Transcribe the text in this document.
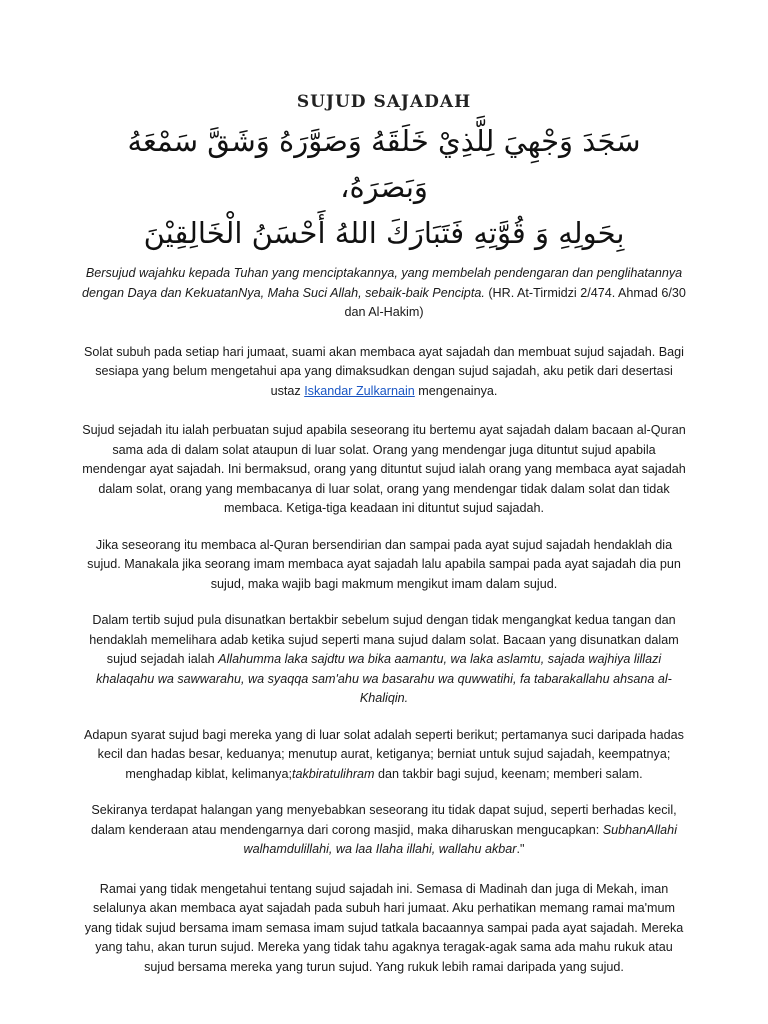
SUJUD SAJADAH
سَجَدَ وَجْهِيَ لِلَّذِيْ خَلَقَهُ وَصَوَّرَهُ وَشَقَّ سَمْعَهُ وَبَصَرَهُ،
بِحَولِهِ وَ قُوَّتِهِ فَتَبَارَكَ اللهُ أَحْسَنُ الْخَالِقِيْنَ

Bersujud wajahku kepada Tuhan yang menciptakannya, yang membelah pendengaran dan penglihatannya dengan Daya dan KekuatanNya, Maha Suci Allah, sebaik-baik Pencipta. (HR. At-Tirmidzi 2/474. Ahmad 6/30 dan Al-Hakim)

Solat subuh pada setiap hari jumaat, suami akan membaca ayat sajadah dan membuat sujud sajadah. Bagi sesiapa yang belum mengetahui apa yang dimaksudkan dengan sujud sajadah, aku petik dari desertasi ustaz Iskandar Zulkarnain mengenainya.

Sujud sejadah itu ialah perbuatan sujud apabila seseorang itu bertemu ayat sajadah dalam bacaan al-Quran sama ada di dalam solat ataupun di luar solat. Orang yang mendengar juga dituntut sujud apabila mendengar ayat sajadah. Ini bermaksud, orang yang dituntut sujud ialah orang yang membaca ayat sajadah dalam solat, orang yang membacanya di luar solat, orang yang mendengar tidak dalam solat dan tidak membaca. Ketiga-tiga keadaan ini dituntut sujud sajadah.

Jika seseorang itu membaca al-Quran bersendirian dan sampai pada ayat sujud sajadah hendaklah dia sujud. Manakala jika seorang imam membaca ayat sajadah lalu apabila sampai pada ayat sajadah dia pun sujud, maka wajib bagi makmum mengikut imam dalam sujud.

Dalam tertib sujud pula disunatkan bertakbir sebelum sujud dengan tidak mengangkat kedua tangan dan hendaklah memelihara adab ketika sujud seperti mana sujud dalam solat. Bacaan yang disunatkan dalam sujud sejadah ialah Allahumma laka sajdtu wa bika aamantu, wa laka aslamtu, sajada wajhiya lillazi khalaqahu wa sawwarahu, wa syaqqa sam'ahu wa basarahu wa quwwatihi, fa tabarakallahu ahsana al-Khaliqin.

Adapun syarat sujud bagi mereka yang di luar solat adalah seperti berikut; pertamanya suci daripada hadas kecil dan hadas besar, keduanya; menutup aurat, ketiganya; berniat untuk sujud sajadah, keempatnya; menghadap kiblat, kelimanya;takbiratulihram dan takbir bagi sujud, keenam; memberi salam.

Sekiranya terdapat halangan yang menyebabkan seseorang itu tidak dapat sujud, seperti berhadas kecil, dalam kenderaan atau mendengarnya dari corong masjid, maka diharuskan mengucapkan: SubhanAllahi walhamdulillahi, wa laa Ilaha illahi, wallahu akbar."

Ramai yang tidak mengetahui tentang sujud sajadah ini. Semasa di Madinah dan juga di Mekah, iman selalunya akan membaca ayat sajadah pada subuh hari jumaat. Aku perhatikan memang ramai ma'mum yang tidak sujud bersama imam semasa imam sujud tatkala bacaannya sampai pada ayat sajadah. Mereka yang tahu, akan turun sujud. Mereka yang tidak tahu agaknya teragak-agak sama ada mahu rukuk atau sujud bersama mereka yang turun sujud. Yang rukuk lebih ramai daripada yang sujud.
